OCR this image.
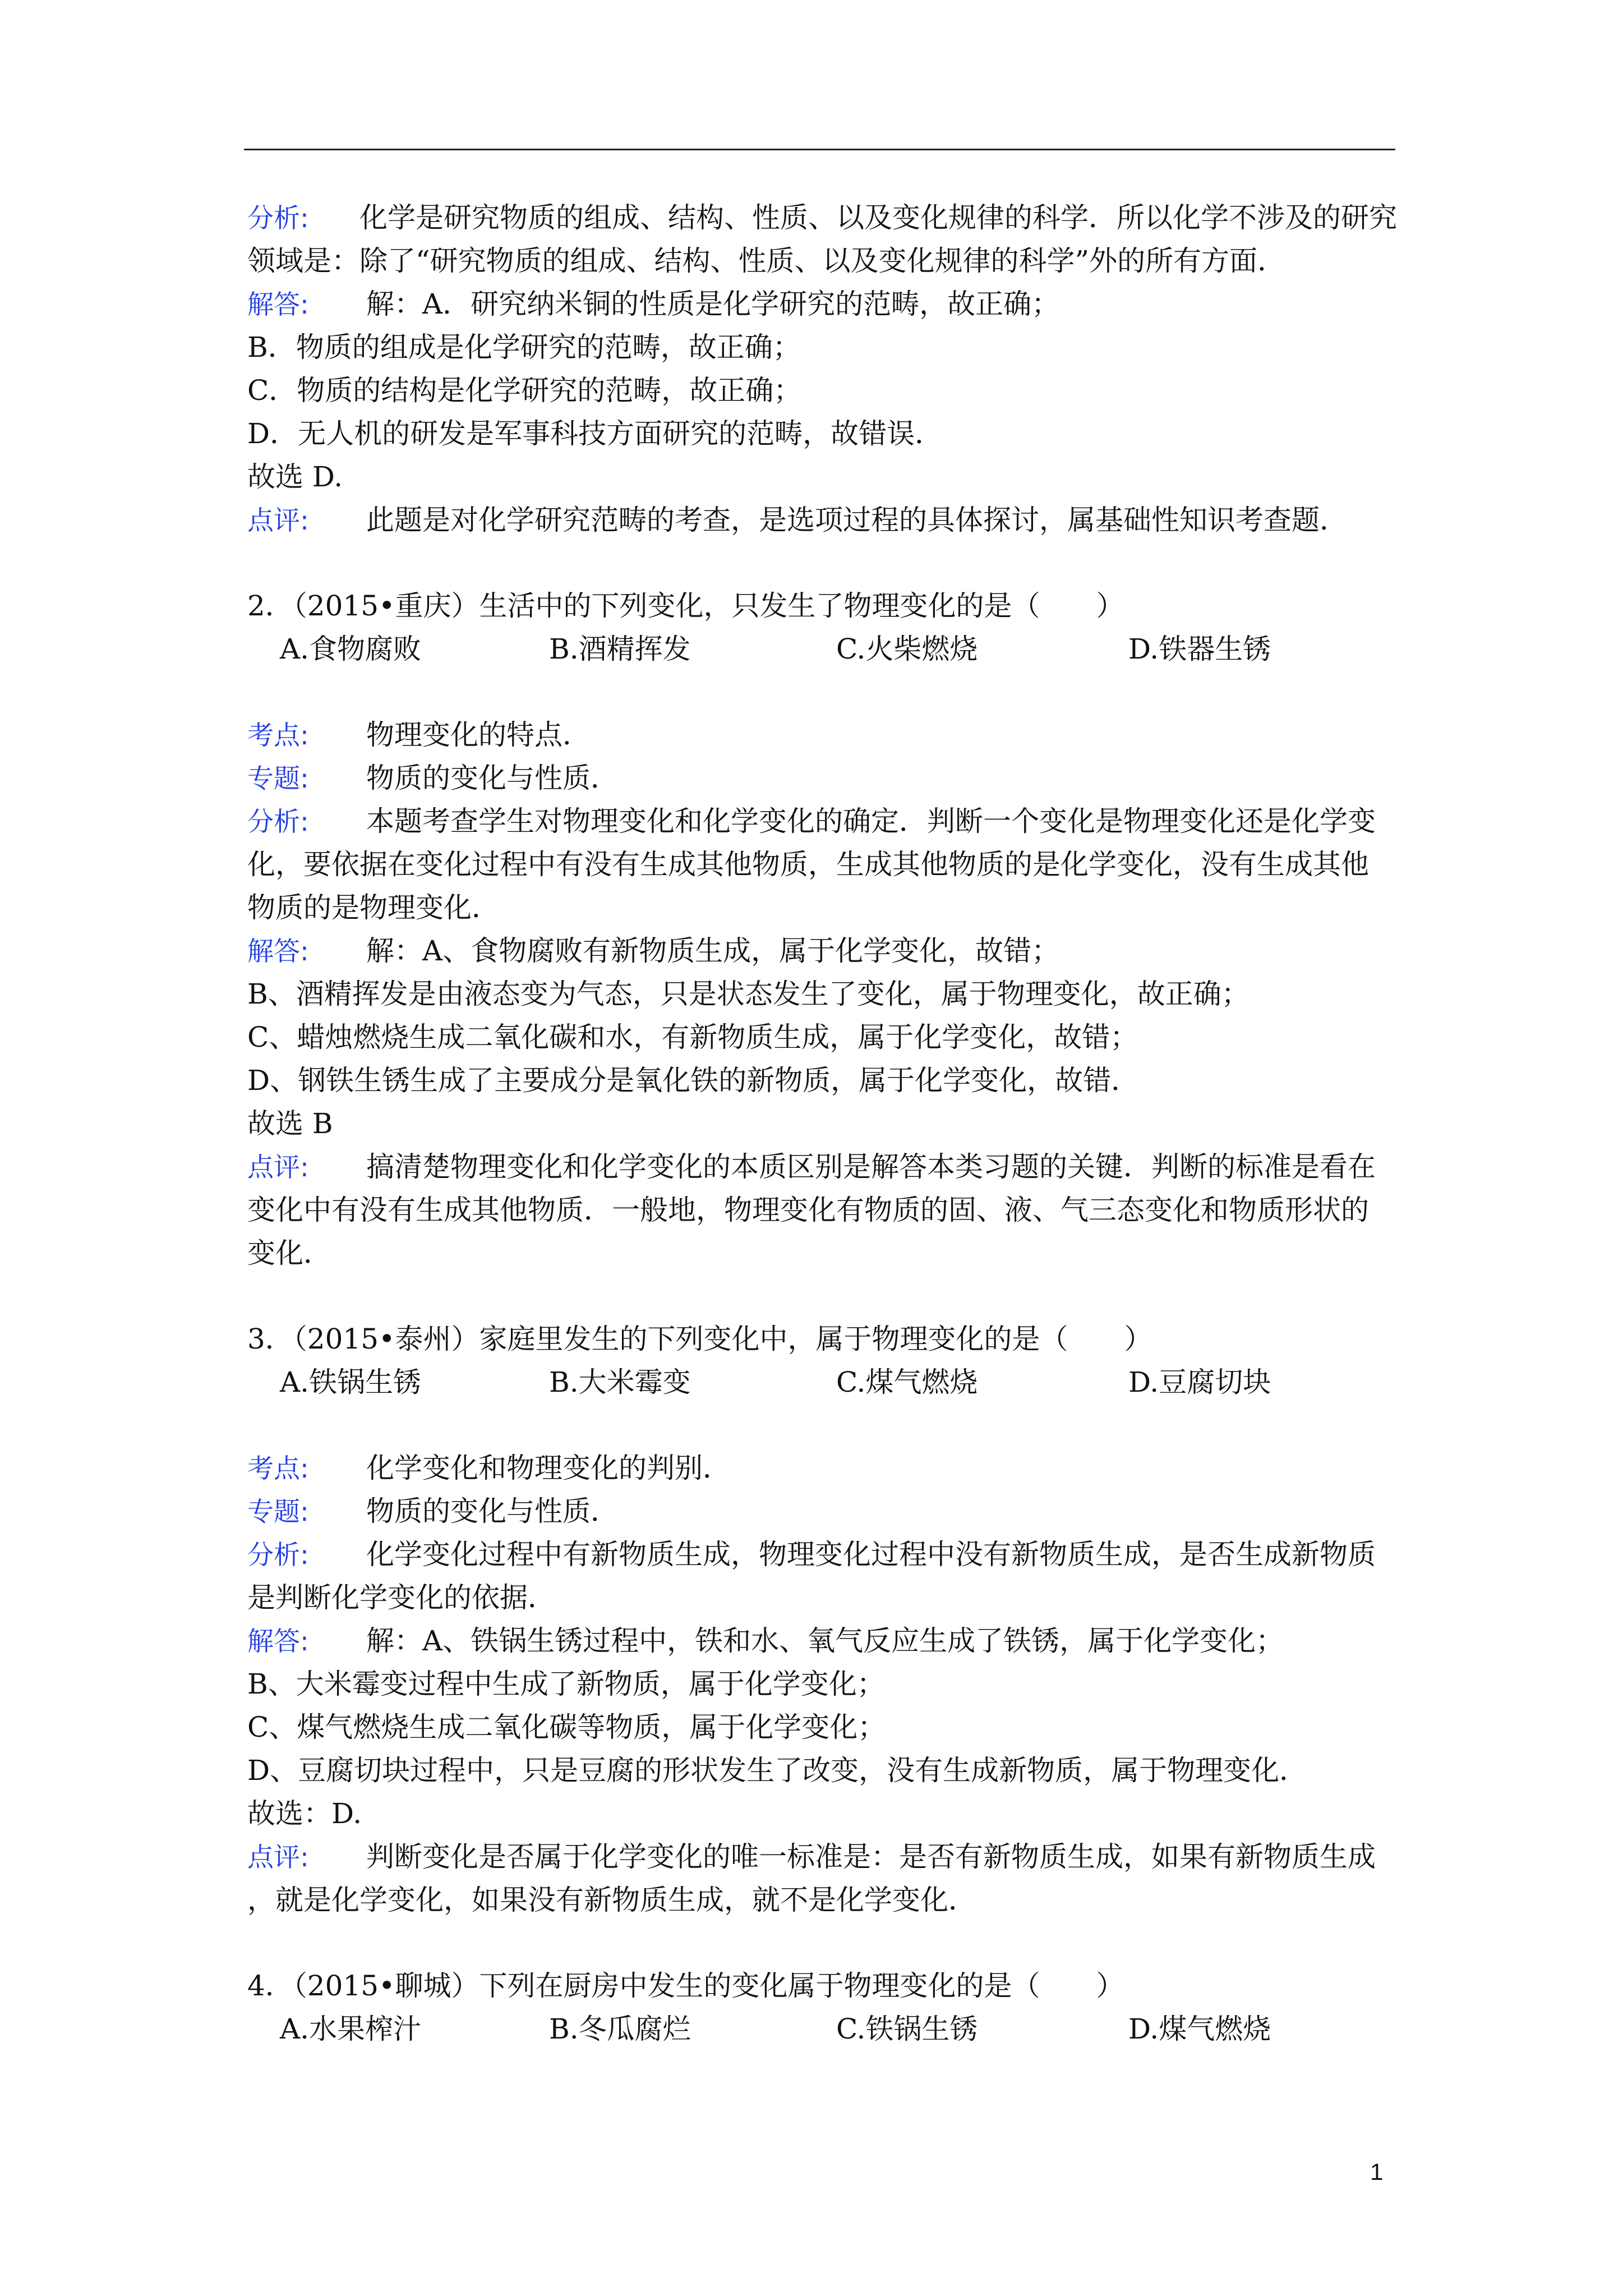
分析: 化学是研究物质的组成、结构、性质、以及变化规律的科学．所以化学不涉及的研究
领域是：除了“研究物质的组成、结构、性质、以及变化规律的科学”外的所有方面．
解答: 解：A．研究纳米铜的性质是化学研究的范畴，故正确；
B．物质的组成是化学研究的范畴，故正确；
C．物质的结构是化学研究的范畴，故正确；
D．无人机的研发是军事科技方面研究的范畴，故错误．
故选 D.
点评: 此题是对化学研究范畴的考查，是选项过程的具体探讨，属基础性知识考查题．
2．（2015•重庆）生活中的下列变化，只发生了物理变化的是（　　）
A.食物腐败	B.酒精挥发	C.火柴燃烧	D.铁器生锈
考点: 物理变化的特点．
专题: 物质的变化与性质．
分析: 本题考查学生对物理变化和化学变化的确定．判断一个变化是物理变化还是化学变
化，要依据在变化过程中有没有生成其他物质，生成其他物质的是化学变化，没有生成其他
物质的是物理变化．
解答: 解：A、食物腐败有新物质生成，属于化学变化，故错；
B、酒精挥发是由液态变为气态，只是状态发生了变化，属于物理变化，故正确；
C、蜡烛燃烧生成二氧化碳和水，有新物质生成，属于化学变化，故错；
D、钢铁生锈生成了主要成分是氧化铁的新物质，属于化学变化，故错．
故选 B
点评: 搞清楚物理变化和化学变化的本质区别是解答本类习题的关键．判断的标准是看在
变化中有没有生成其他物质．一般地，物理变化有物质的固、液、气三态变化和物质形状的
变化．
3．（2015•泰州）家庭里发生的下列变化中，属于物理变化的是（　　）
A.铁锅生锈	B.大米霉变	C.煤气燃烧	D.豆腐切块
考点: 化学变化和物理变化的判别．
专题: 物质的变化与性质．
分析: 化学变化过程中有新物质生成，物理变化过程中没有新物质生成，是否生成新物质
是判断化学变化的依据．
解答: 解：A、铁锅生锈过程中，铁和水、氧气反应生成了铁锈，属于化学变化；
B、大米霉变过程中生成了新物质，属于化学变化；
C、煤气燃烧生成二氧化碳等物质，属于化学变化；
D、豆腐切块过程中，只是豆腐的形状发生了改变，没有生成新物质，属于物理变化．
故选：D.
点评: 判断变化是否属于化学变化的唯一标准是：是否有新物质生成，如果有新物质生成
，就是化学变化，如果没有新物质生成，就不是化学变化．
4．（2015•聊城）下列在厨房中发生的变化属于物理变化的是（　　）
A.水果榨汁	B.冬瓜腐烂	C.铁锅生锈	D.煤气燃烧
1
